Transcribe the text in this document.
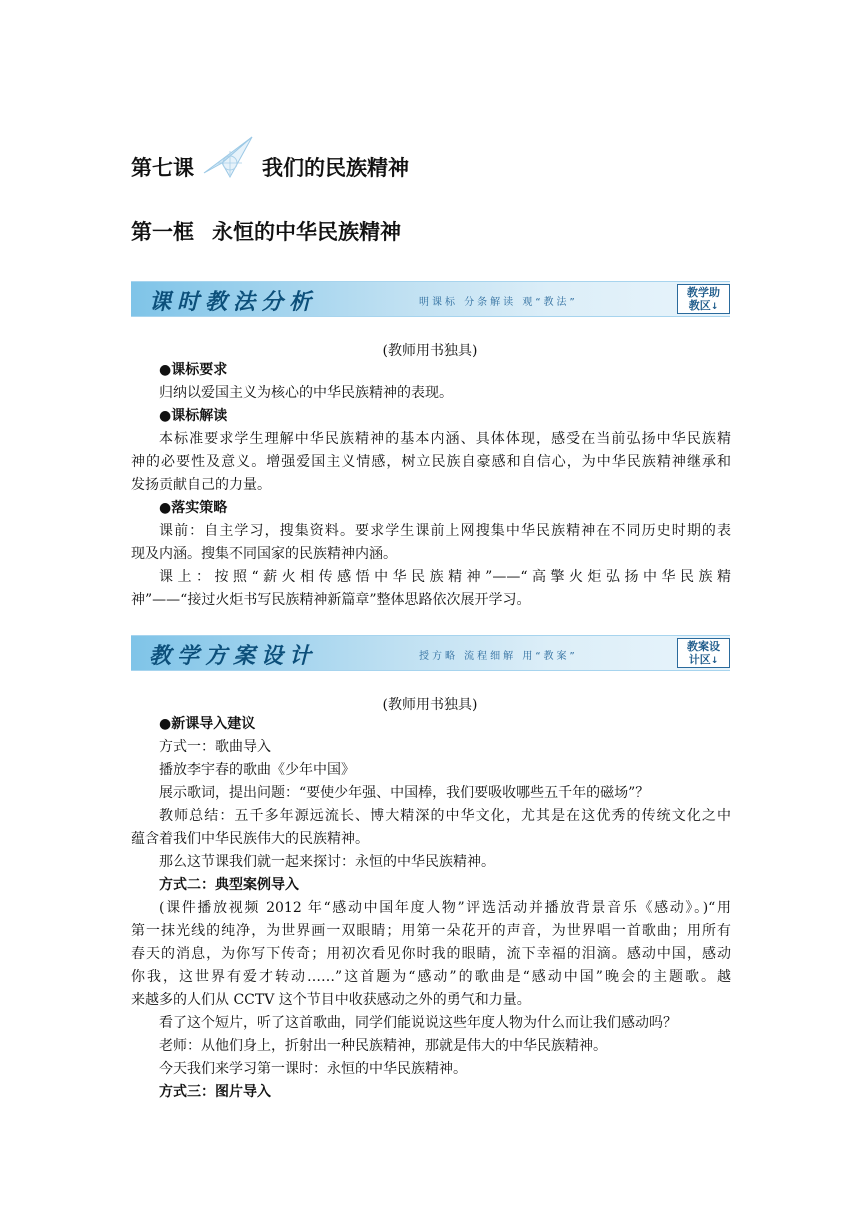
第七课	我们的民族精神
第一框 永恒的中华民族精神
课时教法分析	明课标 分条解读 观“教法”
教学助
教区↓
(教师用书独具)
●课标要求
归纳以爱国主义为核心的中华民族精神的表现。
●课标解读
本标准要求学生理解中华民族精神的基本内涵、具体体现，感受在当前弘扬中华民族精
神的必要性及意义。增强爱国主义情感，树立民族自豪感和自信心，为中华民族精神继承和
发扬贡献自己的力量。
●落实策略
课前：自主学习，搜集资料。要求学生课前上网搜集中华民族精神在不同历史时期的表
现及内涵。搜集不同国家的民族精神内涵。
课上：按照“薪火相传感悟中华民族精神”——“高擎火炬弘扬中华民族精
神”——“接过火炬书写民族精神新篇章”整体思路依次展开学习。
教学方案设计	授方略 流程细解 用“教案”
教案设
计区↓
(教师用书独具)
●新课导入建议
方式一：歌曲导入
播放李宇春的歌曲《少年中国》
展示歌词，提出问题：“要使少年强、中国棒，我们要吸收哪些五千年的磁场”？
教师总结：五千多年源远流长、博大精深的中华文化，尤其是在这优秀的传统文化之中
蕴含着我们中华民族伟大的民族精神。
那么这节课我们就一起来探讨：永恒的中华民族精神。
方式二：典型案例导入
(课件播放视频 2012 年“感动中国年度人物”评选活动并播放背景音乐《感动》。)“用
第一抹光线的纯净，为世界画一双眼睛；用第一朵花开的声音，为世界唱一首歌曲；用所有
春天的消息，为你写下传奇；用初次看见你时我的眼睛，流下幸福的泪滴。感动中国，感动
你我，这世界有爱才转动……”这首题为“感动”的歌曲是“感动中国”晚会的主题歌。越
来越多的人们从 CCTV 这个节目中收获感动之外的勇气和力量。
看了这个短片，听了这首歌曲，同学们能说说这些年度人物为什么而让我们感动吗？
老师：从他们身上，折射出一种民族精神，那就是伟大的中华民族精神。
今天我们来学习第一课时：永恒的中华民族精神。
方式三：图片导入
